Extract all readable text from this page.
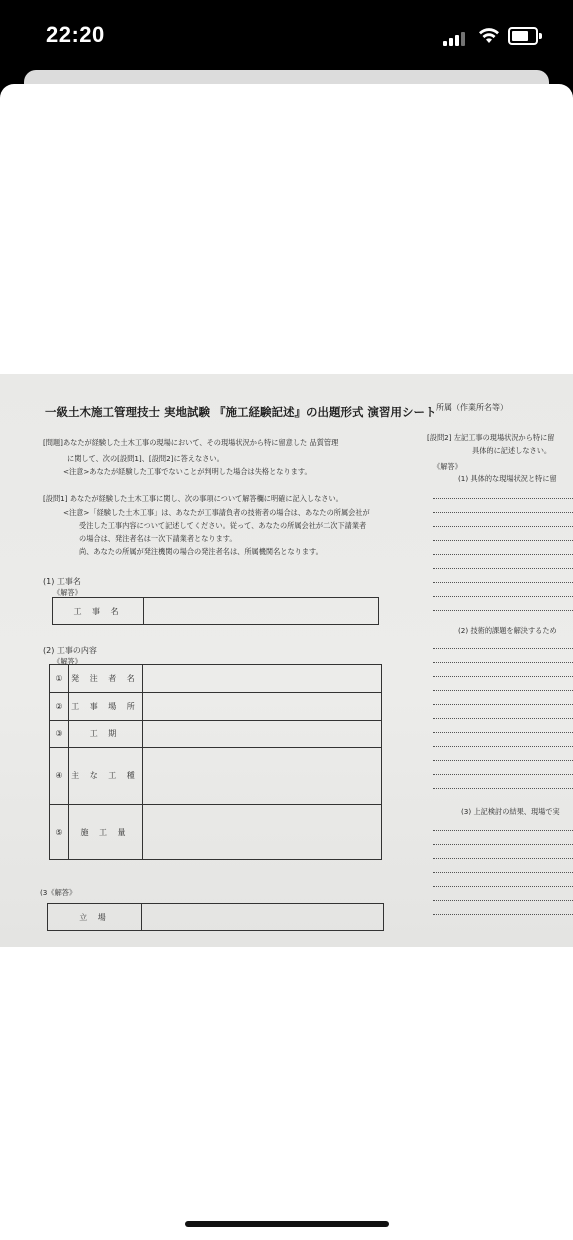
22:20
一級土木施工管理技士 実地試験 『施工経験記述』の出題形式 演習用シート 所属（作業所名等）
[問題]あなたが経験した土木工事の現場において、その現場状況から特に留意した 品質管理
に関して、次の[設問1]、[設問2]に答えなさい。
<注意>あなたが経験した工事でないことが判明した場合は失格となります。
[設問1] あなたが経験した土木工事に関し、次の事項について解答欄に明確に記入しなさい。
<注意>「経験した土木工事」は、あなたが工事請負者の技術者の場合は、あなたの所属会社が
受注した工事内容について記述してください。従って、あなたの所属会社が二次下請業者
の場合は、発注者名は一次下請業者となります。
尚、あなたの所属が発注機関の場合の発注者名は、所属機関名となります。
(1) 工事名
《解答》
工 事 名
(2) 工事の内容
《解答》
①	発 注 者 名
②	工 事 場 所
③	工 期
④	主 な 工 種
⑤	施 工 量
(3《解答》
立 場
[設問2] 左記工事の現場状況から特に留
具体的に記述しなさい。
《解答》
(1) 具体的な現場状況と特に留
(2) 技術的課題を解決するため
(3) 上記検討の結果、現場で実
